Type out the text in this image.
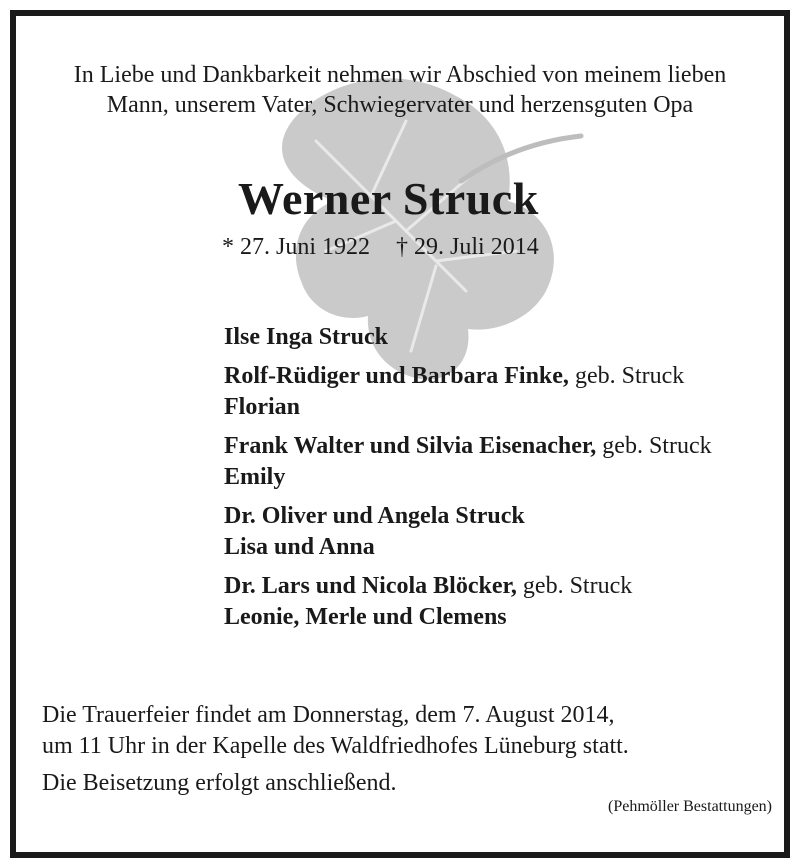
In Liebe und Dankbarkeit nehmen wir Abschied von meinem lieben
Mann, unserem Vater, Schwiegervater und herzensguten Opa
Werner Struck
* 27. Juni 1922 † 29. Juli 2014
Ilse Inga Struck
Rolf-Rüdiger und Barbara Finke, geb. Struck
Florian
Frank Walter und Silvia Eisenacher, geb. Struck
Emily
Dr. Oliver und Angela Struck
Lisa und Anna
Dr. Lars und Nicola Blöcker, geb. Struck
Leonie, Merle und Clemens
Die Trauerfeier findet am Donnerstag, dem 7. August 2014,
um 11 Uhr in der Kapelle des Waldfriedhofes Lüneburg statt.
Die Beisetzung erfolgt anschließend.
(Pehmöller Bestattungen)
